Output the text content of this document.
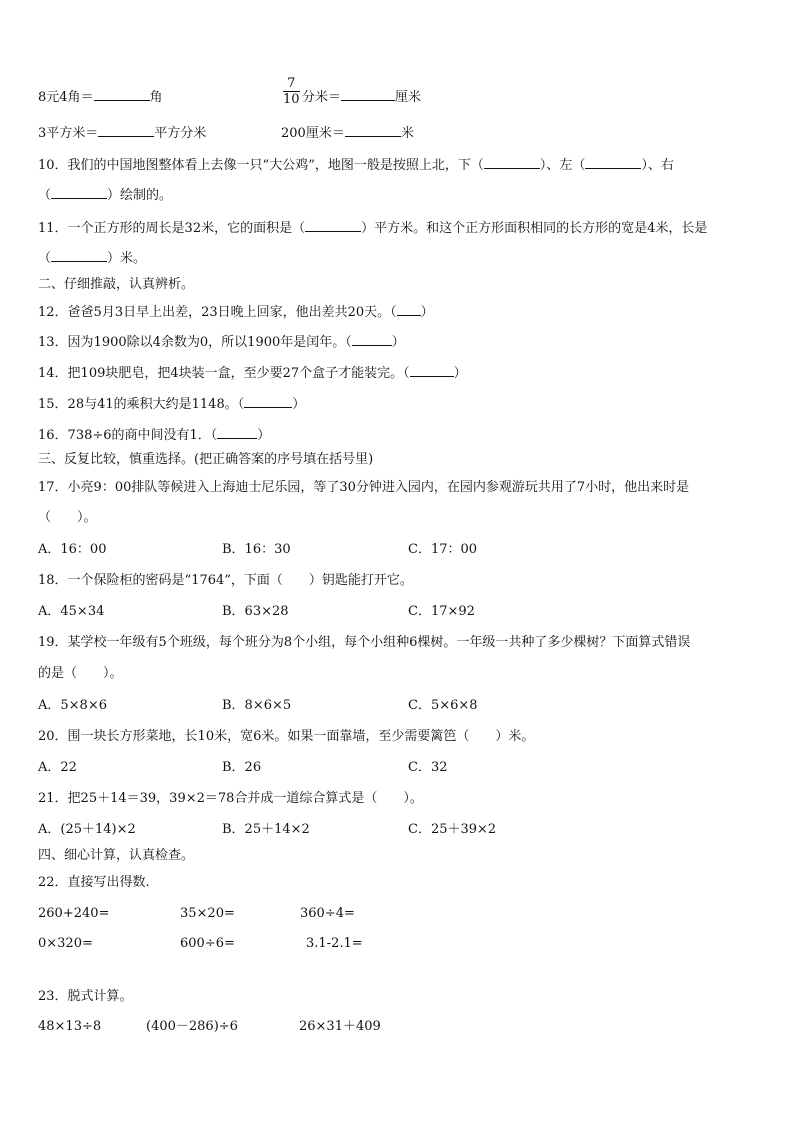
8元4角＝	角	$\frac{7}{10}$ 分米＝	厘米
3平方米＝	平方分米	200厘米＝	米
10．我们的中国地图整体看上去像一只“大公鸡”，地图一般是按照上北，下（	）、左（	）、右
（	）绘制的。
11．一个正方形的周长是32米，它的面积是（	）平方米。和这个正方形面积相同的长方形的宽是4米，长是
（	）米。
二、仔细推敲，认真辨析。
12．爸爸5月3日早上出差，23日晚上回家，他出差共20天。（ ）
13．因为1900除以4余数为0，所以1900年是闰年。（	）
14．把109块肥皂，把4块装一盒，至少要27个盒子才能装完。（	）
15．28与41的乘积大约是1148。（	）
16．738÷6的商中间没有1．（	）
三、反复比较，慎重选择。(把正确答案的序号填在括号里)
17．小亮9：00排队等候进入上海迪士尼乐园，等了30分钟进入园内，在园内参观游玩共用了7小时，他出来时是
（　　）。
A．16：00	B．16：30	C．17：00
18．一个保险柜的密码是“1764”，下面（　　）钥匙能打开它。
A．45×34	B．63×28	C．17×92
19．某学校一年级有5个班级，每个班分为8个小组，每个小组种6棵树。一年级一共种了多少棵树？下面算式错误
的是（　　）。
A．5×8×6	B．8×6×5	C．5×6×8
20．围一块长方形菜地，长10米，宽6米。如果一面靠墙，至少需要篱笆（　　）米。
A．22	B．26	C．32
21．把25＋14＝39，39×2＝78合并成一道综合算式是（　　）。
A．(25＋14)×2	B．25＋14×2	C．25＋39×2
四、细心计算，认真检查。
22．直接写出得数.
260+240=	35×20=	360÷4=
0×320=	600÷6=	3.1-2.1=
23．脱式计算。
48×13÷8	(400－286)÷6	26×31＋409
